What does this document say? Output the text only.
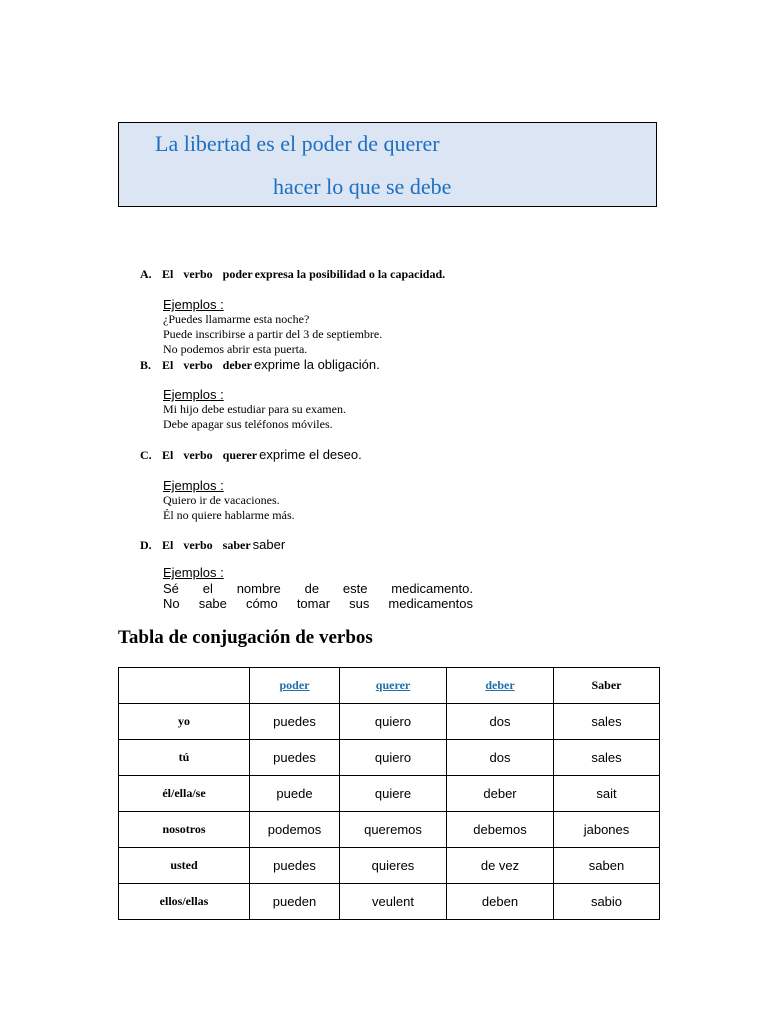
La libertad es el poder de querer
hacer lo que se debe
A. El verbo poder expresa la posibilidad o la capacidad.
Ejemplos :
¿Puedes llamarme esta noche?
Puede inscribirse a partir del 3 de septiembre.
No podemos abrir esta puerta.
B. El verbo deber exprime la obligación.
Ejemplos :
Mi hijo debe estudiar para su examen.
Debe apagar sus teléfonos móviles.
C. El verbo querer exprime el deseo.
Ejemplos :
Quiero ir de vacaciones.
Él no quiere hablarme más.
D. El verbo saber saber
Ejemplos :
Sé el nombre de este medicamento.
No sabe cómo tomar sus medicamentos
Tabla de conjugación de verbos
	poder	querer	deber	Saber
yo	puedes	quiero	dos	sales
tú	puedes	quiero	dos	sales
él/ella/se	puede	quiere	deber	sait
nosotros	podemos	queremos	debemos	jabones
usted	puedes	quieres	de vez	saben
ellos/ellas	pueden	veulent	deben	sabio
